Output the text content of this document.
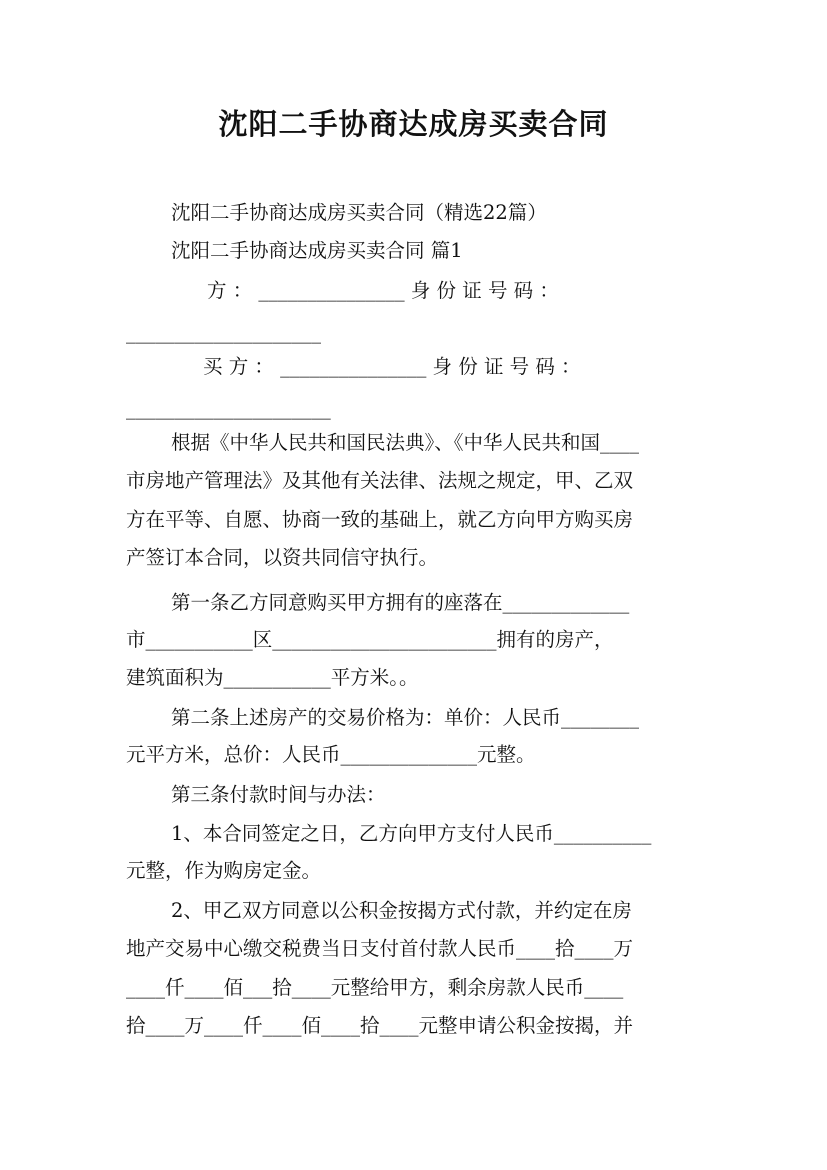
沈阳二手协商达成房买卖合同
沈阳二手协商达成房买卖合同（精选22篇）
沈阳二手协商达成房买卖合同 篇1
方 ： _______________ 身 份 证 号 码 ：
____________________
买 方 ： _______________ 身 份 证 号 码 ：
_____________________
根据《中华人民共和国民法典》、《中华人民共和国____
市房地产管理法》及其他有关法律、法规之规定，甲、乙双
方在平等、自愿、协商一致的基础上，就乙方向甲方购买房
产签订本合同，以资共同信守执行。
第一条乙方同意购买甲方拥有的座落在_____________
市___________区_______________________拥有的房产，
建筑面积为___________平方米。。
第二条上述房产的交易价格为：单价：人民币________
元平方米，总价：人民币______________元整。
第三条付款时间与办法：
1、本合同签定之日，乙方向甲方支付人民币__________
元整，作为购房定金。
2、甲乙双方同意以公积金按揭方式付款，并约定在房
地产交易中心缴交税费当日支付首付款人民币____拾____万
____仟____佰___拾____元整给甲方，剩余房款人民币____
拾____万____仟____佰____拾____元整申请公积金按揭，并
